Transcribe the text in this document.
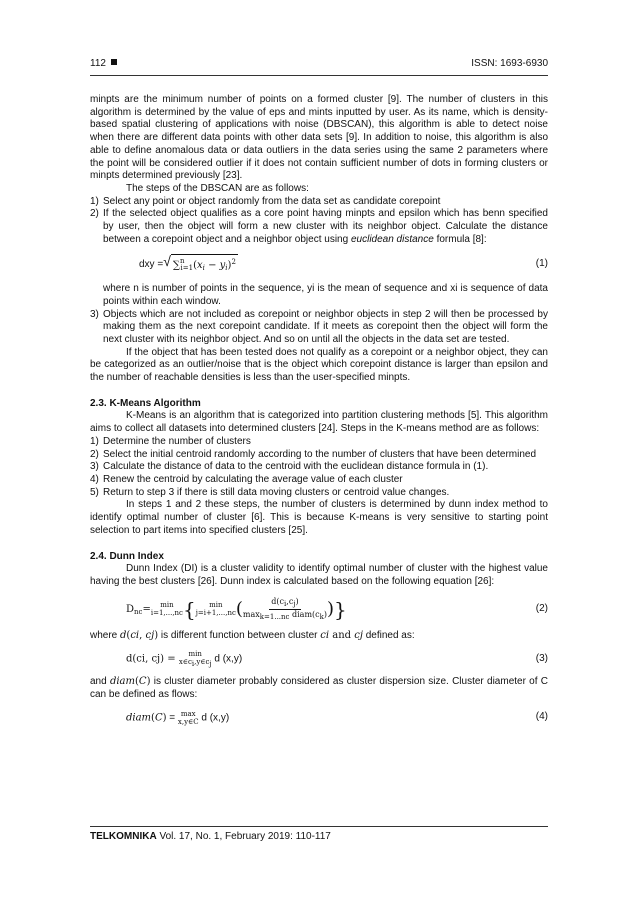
112	ISSN: 1693-6930

minpts are the minimum number of points on a formed cluster [9]. The number of clusters in this algorithm is determined by the value of eps and mints inputted by user. As its name, which is density-based spatial clustering of applications with noise (DBSCAN), this algorithm is able to detect noise when there are different data points with other data sets [9]. In addition to noise, this algorithm is also able to define anomalous data or data outliers in the data series using the same 2 parameters where the point will be considered outlier if it does not contain sufficient number of dots in forming clusters or minpts determined previously [23].

The steps of the DBSCAN are as follows:

1) Select any point or object randomly from the data set as candidate corepoint
2) If the selected object qualifies as a core point having minpts and epsilon which has benn specified by user, then the object will form a new cluster with its neighbor object. Calculate the distance between a corepoint object and a neighbor object using euclidean distance formula [8]:
dxy = √ $\sum^n_{i=1}(x_i - y_i)^2$	(1)

where n is number of points in the sequence, yi is the mean of sequence and xi is sequence of data points within each window.

3) Objects which are not included as corepoint or neighbor objects in step 2 will then be processed by making them as the next corepoint candidate. If it meets as corepoint then the object will form the next cluster with its neighbor object. And so on until all the objects in the data set are tested.

If the object that has been tested does not qualify as a corepoint or a neighbor object, they can be categorized as an outlier/noise that is the object which corepoint distance is larger than epsilon and the number of reachable densities is less than the user-specified minpts.

2.3. K-Means Algorithm

K-Means is an algorithm that is categorized into partition clustering methods [5]. This algorithm aims to collect all datasets into determined clusters [24]. Steps in the K-means method are as follows:

1) Determine the number of clusters
2) Select the initial centroid randomly according to the number of clusters that have been determined
3) Calculate the distance of data to the centroid with the euclidean distance formula in (1).
4) Renew the centroid by calculating the average value of each cluster
5) Return to step 3 if there is still data moving clusters or centroid value changes.

In steps 1 and 2 these steps, the number of clusters is determined by dunn index method to identify optimal number of cluster [6]. This is because K-means is very sensitive to starting point selection to part items into specified clusters [25].

2.4. Dunn Index

Dunn Index (DI) is a cluster validity to identify optimal number of cluster with the highest value having the best clusters [26]. Dunn index is calculated based on the following equation [26]:

$D_{nc}= \min$
i=1,...,nc { min
j=i+1,...,nc ( $\frac{d(ci,cj)}{\text{maxk=1...nc diam(ck)}}$ )}	(2)

where d(ci, cj) is different function between cluster ci and cj defined as:

d(ci, cj) = min
x∈ci,y∈cj d (x,y)	(3)

and diam(C) is cluster diameter probably considered as cluster dispersion size. Cluster diameter of C can be defined as flows:

diam(C) = max
x,y∈C d (x,y)	(4)
TELKOMNIKA Vol. 17, No. 1, February 2019: 110-117
